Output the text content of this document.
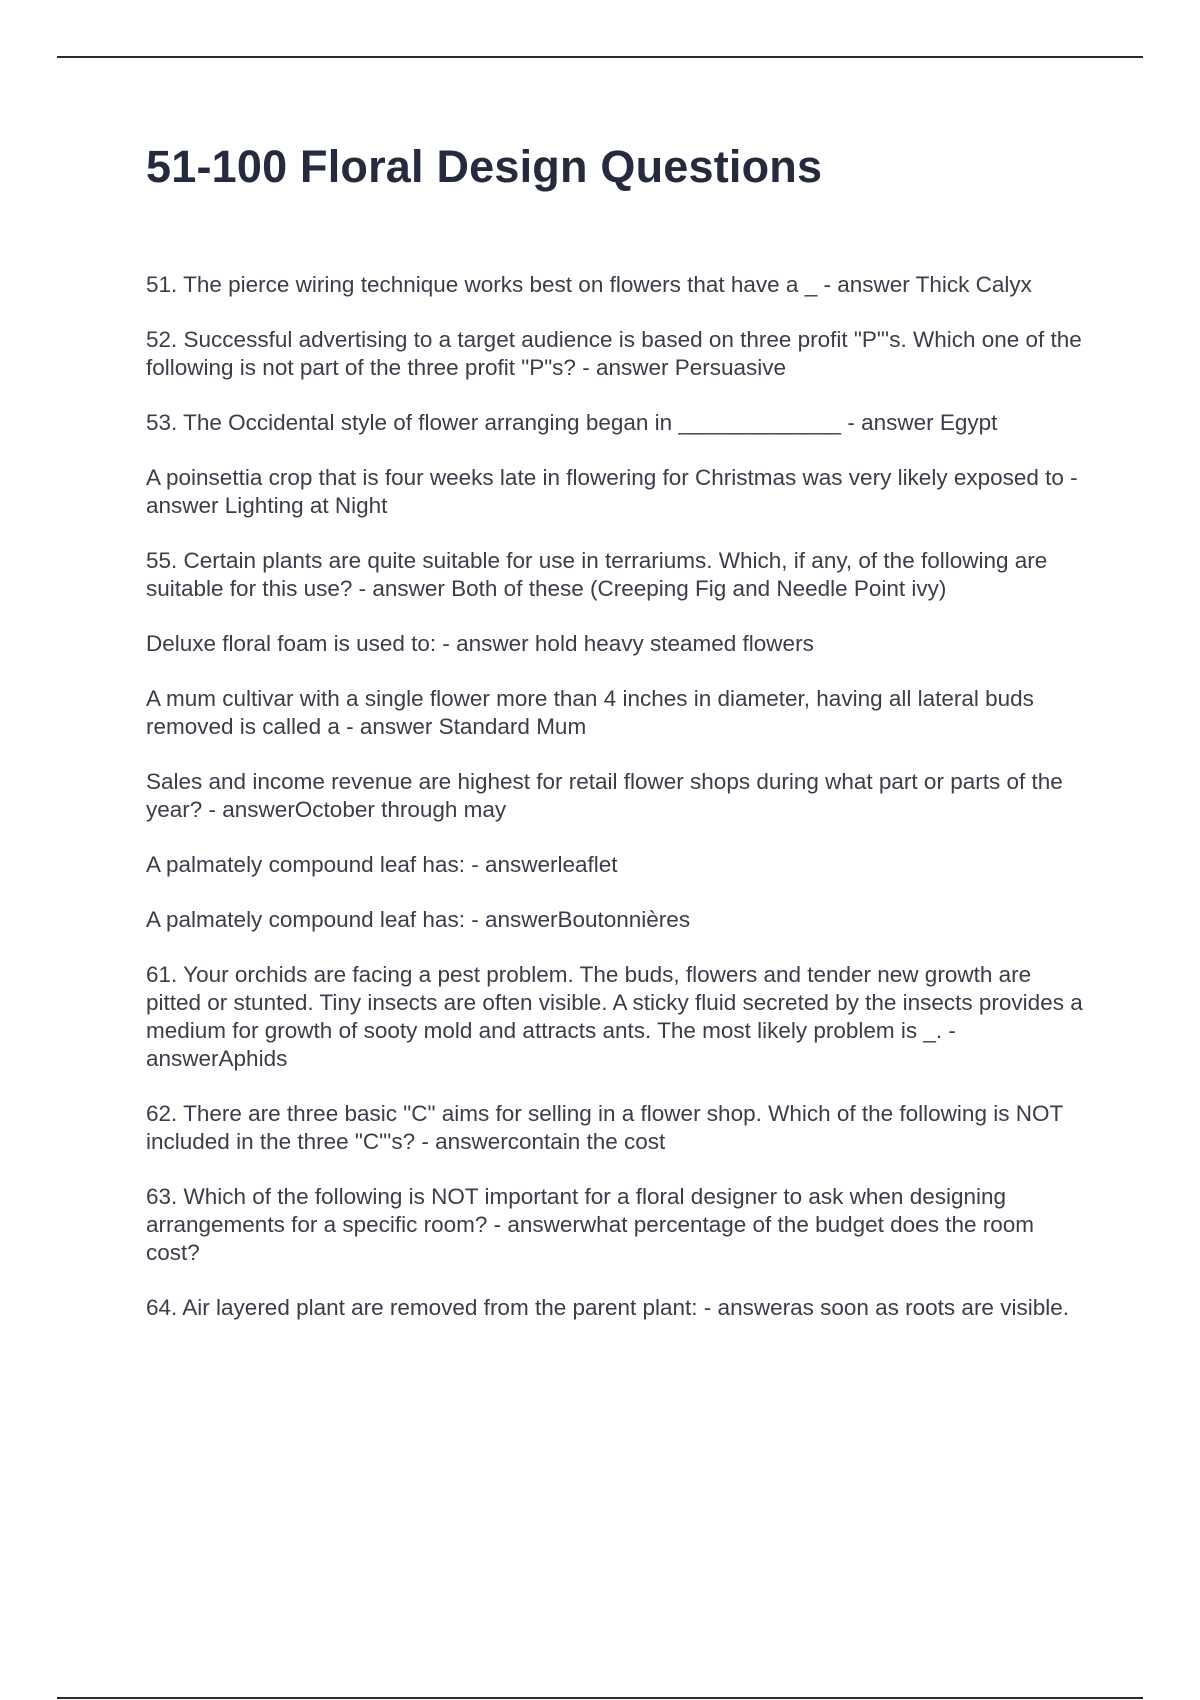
51-100 Floral Design Questions

51. The pierce wiring technique works best on flowers that have a _ - answer Thick Calyx

52. Successful advertising to a target audience is based on three profit "P"'s. Which one of the following is not part of the three profit "P"s? - answer Persuasive

53. The Occidental style of flower arranging began in _____________ - answer Egypt

A poinsettia crop that is four weeks late in flowering for Christmas was very likely exposed to - answer Lighting at Night

55. Certain plants are quite suitable for use in terrariums. Which, if any, of the following are suitable for this use? - answer Both of these (Creeping Fig and Needle Point ivy)

Deluxe floral foam is used to: - answer hold heavy steamed flowers

A mum cultivar with a single flower more than 4 inches in diameter, having all lateral buds removed is called a - answer Standard Mum

Sales and income revenue are highest for retail flower shops during what part or parts of the year? - answerOctober through may

A palmately compound leaf has: - answerleaflet

A palmately compound leaf has: - answerBoutonnières

61. Your orchids are facing a pest problem. The buds, flowers and tender new growth are pitted or stunted. Tiny insects are often visible. A sticky fluid secreted by the insects provides a medium for growth of sooty mold and attracts ants. The most likely problem is _. - answerAphids

62. There are three basic "C" aims for selling in a flower shop. Which of the following is NOT included in the three "C"'s? - answercontain the cost

63. Which of the following is NOT important for a floral designer to ask when designing arrangements for a specific room? - answerwhat percentage of the budget does the room cost?

64. Air layered plant are removed from the parent plant: - answeras soon as roots are visible.
